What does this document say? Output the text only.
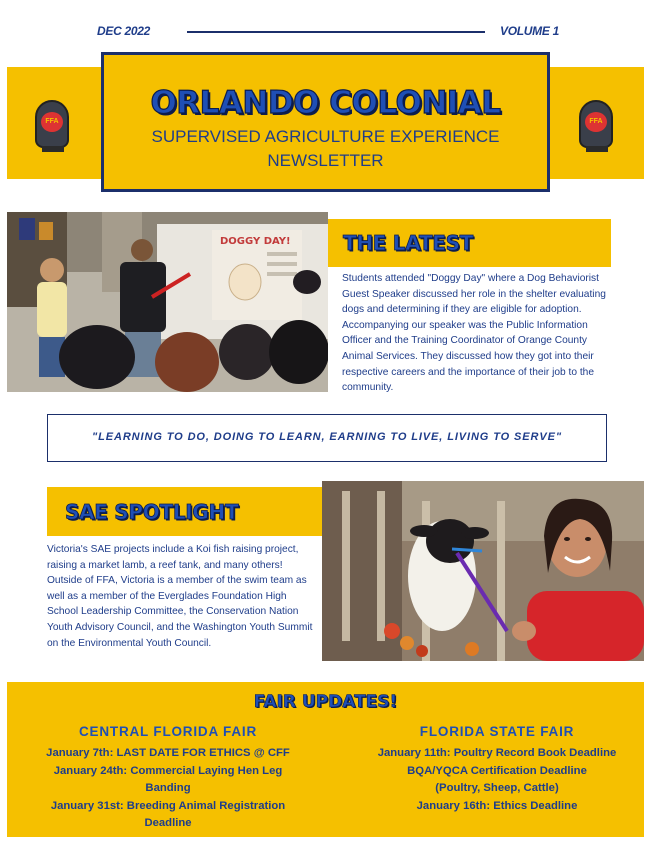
DEC 2022	VOLUME 1
FFA	FFA
ORLANDO COLONIAL
SUPERVISED AGRICULTURE EXPERIENCE
NEWSLETTER
DOGGY DAY!	THE LATEST
Students attended "Doggy Day" where a Dog Behaviorist Guest Speaker discussed her role in the shelter evaluating dogs and determining if they are eligible for adoption. Accompanying our speaker was the Public Information Officer and the Training Coordinator of Orange County Animal Services. They discussed how they got into their respective careers and the importance of their job to the community.
"LEARNING TO DO, DOING TO LEARN, EARNING TO LIVE, LIVING TO SERVE"
SAE SPOTLIGHT
Victoria's SAE projects include a Koi fish raising project, raising a market lamb, a reef tank, and many others! Outside of FFA, Victoria is a member of the swim team as well as a member of the Everglades Foundation High School Leadership Committee, the Conservation Nation Youth Advisory Council, and the Washington Youth Summit on the Environmental Youth Council.
FAIR UPDATES!
CENTRAL FLORIDA FAIR

January 7th: LAST DATE FOR ETHICS @ CFF

January 24th: Commercial Laying Hen Leg Banding

January 31st: Breeding Animal Registration Deadline

FLORIDA STATE FAIR

January 11th: Poultry Record Book Deadline

BQA/YQCA Certification Deadline (Poultry, Sheep, Cattle)

January 16th: Ethics Deadline
